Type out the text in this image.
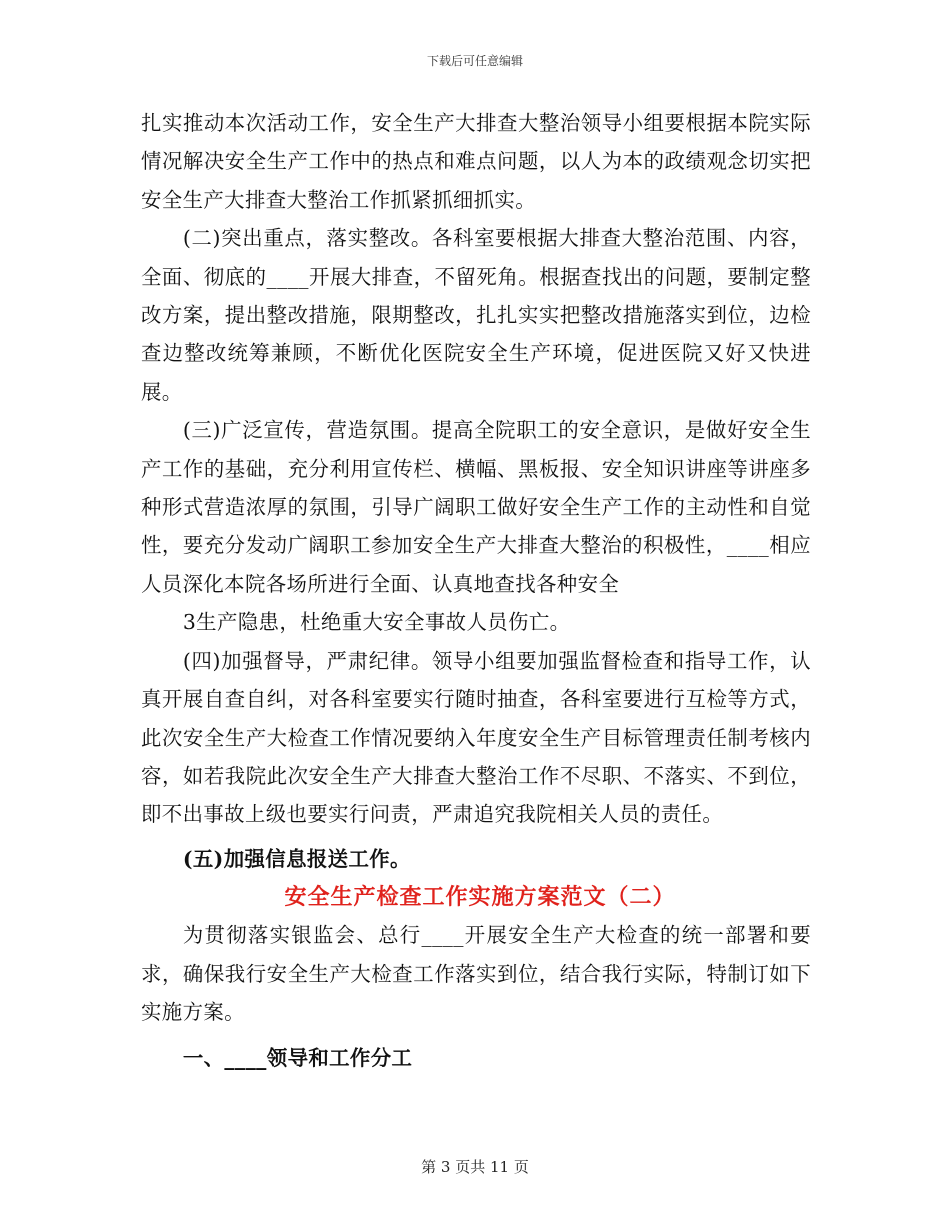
下载后可任意编辑

扎实推动本次活动工作，安全生产大排查大整治领导小组要根据本院实际情况解决安全生产工作中的热点和难点问题，以人为本的政绩观念切实把安全生产大排查大整治工作抓紧抓细抓实。

(二)突出重点，落实整改。各科室要根据大排查大整治范围、内容，全面、彻底的____开展大排查，不留死角。根据查找出的问题，要制定整改方案，提出整改措施，限期整改，扎扎实实把整改措施落实到位，边检查边整改统筹兼顾，不断优化医院安全生产环境，促进医院又好又快进展。

(三)广泛宣传，营造氛围。提高全院职工的安全意识，是做好安全生产工作的基础，充分利用宣传栏、横幅、黑板报、安全知识讲座等讲座多种形式营造浓厚的氛围，引导广阔职工做好安全生产工作的主动性和自觉性，要充分发动广阔职工参加安全生产大排查大整治的积极性，____相应人员深化本院各场所进行全面、认真地查找各种安全

3生产隐患，杜绝重大安全事故人员伤亡。

(四)加强督导，严肃纪律。领导小组要加强监督检查和指导工作，认真开展自查自纠，对各科室要实行随时抽查，各科室要进行互检等方式，此次安全生产大检查工作情况要纳入年度安全生产目标管理责任制考核内容，如若我院此次安全生产大排查大整治工作不尽职、不落实、不到位，即不出事故上级也要实行问责，严肃追究我院相关人员的责任。

(五)加强信息报送工作。

安全生产检查工作实施方案范文（二）

为贯彻落实银监会、总行____开展安全生产大检查的统一部署和要求，确保我行安全生产大检查工作落实到位，结合我行实际，特制订如下实施方案。

一、____领导和工作分工

第 3 页共 11 页
